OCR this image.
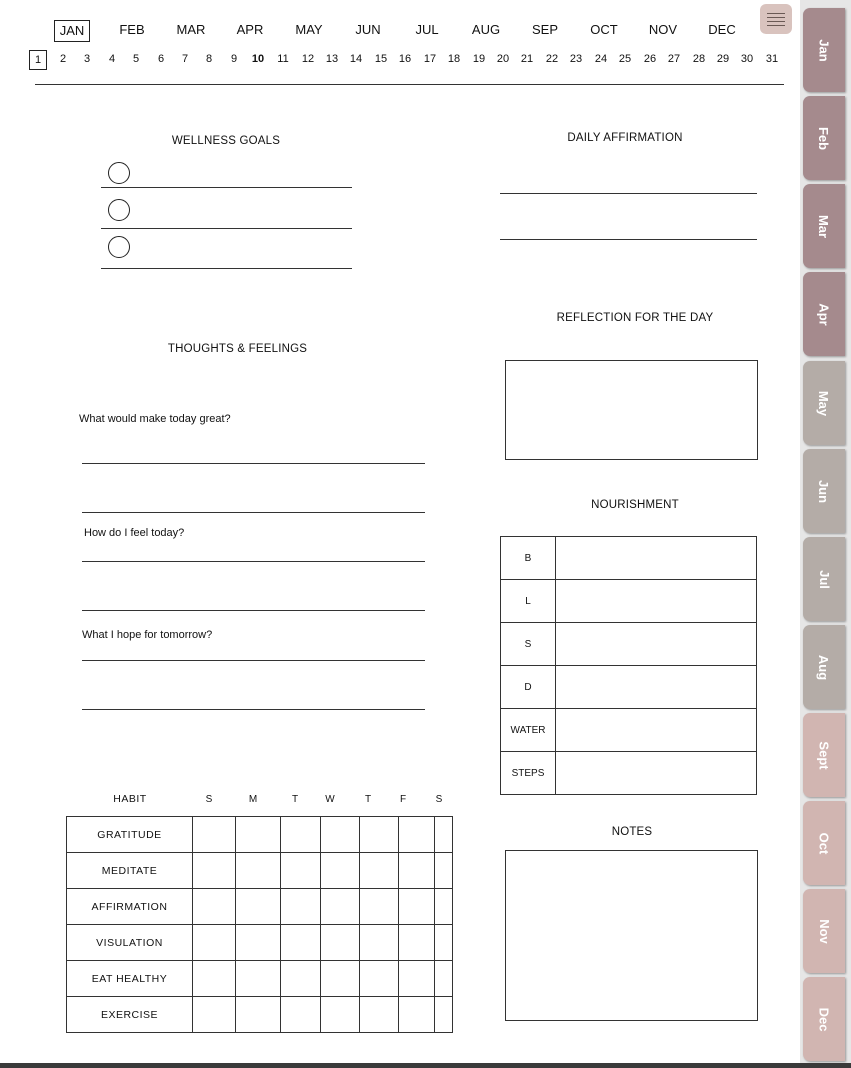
JAN	FEB	MAR	APR	MAY	JUN	JUL	AUG	SEP	OCT	NOV	DEC
1	2	3	4	5	6	7	8	9	10	11	12	13	14	15	16	17	18	19	20	21	22	23	24	25	26	27	28	29	30	31
WELLNESS GOALS	DAILY AFFIRMATION
REFLECTION FOR THE DAY
THOUGHTS & FEELINGS
What would make today great?
How do I feel today?
What I hope for tomorrow?
NOURISHMENT
B	
L	
S	
D	
WATER	
STEPS	
HABIT	S	M	T	W	T	F	S
GRATITUDE							
MEDITATE							
AFFIRMATION							
VISULATION							
EAT HEALTHY							
EXERCISE							
NOTES
Jan
Feb
Mar
Apr
May
Jun
Jul
Aug
Sept
Oct
Nov
Dec
